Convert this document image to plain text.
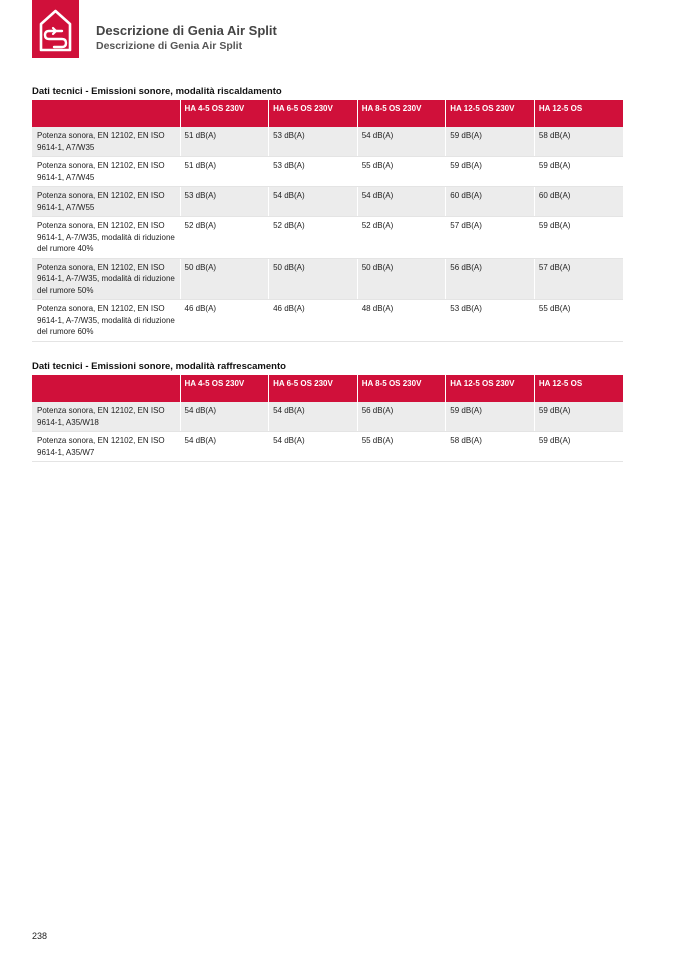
Descrizione di Genia Air Split
Descrizione di Genia Air Split
Dati tecnici - Emissioni sonore, modalità riscaldamento
	HA 4-5 OS 230V	HA 6-5 OS 230V	HA 8-5 OS 230V	HA 12-5 OS 230V	HA 12-5 OS
Potenza sonora, EN 12102, EN ISO 9614-1, A7/W35	51 dB(A)	53 dB(A)	54 dB(A)	59 dB(A)	58 dB(A)
Potenza sonora, EN 12102, EN ISO 9614-1, A7/W45	51 dB(A)	53 dB(A)	55 dB(A)	59 dB(A)	59 dB(A)
Potenza sonora, EN 12102, EN ISO 9614-1, A7/W55	53 dB(A)	54 dB(A)	54 dB(A)	60 dB(A)	60 dB(A)
Potenza sonora, EN 12102, EN ISO 9614-1, A-7/W35, modalità di riduzione del rumore 40%	52 dB(A)	52 dB(A)	52 dB(A)	57 dB(A)	59 dB(A)
Potenza sonora, EN 12102, EN ISO 9614-1, A-7/W35, modalità di riduzione del rumore 50%	50 dB(A)	50 dB(A)	50 dB(A)	56 dB(A)	57 dB(A)
Potenza sonora, EN 12102, EN ISO 9614-1, A-7/W35, modalità di riduzione del rumore 60%	46 dB(A)	46 dB(A)	48 dB(A)	53 dB(A)	55 dB(A)
Dati tecnici - Emissioni sonore, modalità raffrescamento
	HA 4-5 OS 230V	HA 6-5 OS 230V	HA 8-5 OS 230V	HA 12-5 OS 230V	HA 12-5 OS
Potenza sonora, EN 12102, EN ISO 9614-1, A35/W18	54 dB(A)	54 dB(A)	56 dB(A)	59 dB(A)	59 dB(A)
Potenza sonora, EN 12102, EN ISO 9614-1, A35/W7	54 dB(A)	54 dB(A)	55 dB(A)	58 dB(A)	59 dB(A)
238
